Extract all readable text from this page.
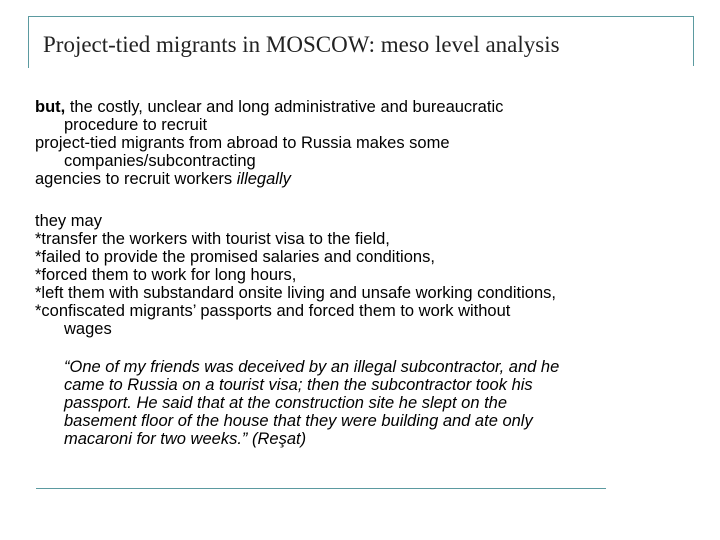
Project-tied migrants in MOSCOW: meso level analysis

but, the costly, unclear and long administrative and bureaucratic

procedure to recruit

project-tied migrants from abroad to Russia makes some

companies/subcontracting

agencies to recruit workers illegally

they may

*transfer the workers with tourist visa to the field,

*failed to provide the promised salaries and conditions,

*forced them to work for long hours,

*left them with substandard onsite living and unsafe working conditions,

*confiscated migrants’ passports and forced them to work without

wages

“One of my friends was deceived by an illegal subcontractor, and he
came to Russia on a tourist visa; then the subcontractor took his
passport. He said that at the construction site he slept on the
basement floor of the house that they were building and ate only
macaroni for two weeks.” (Reşat)
